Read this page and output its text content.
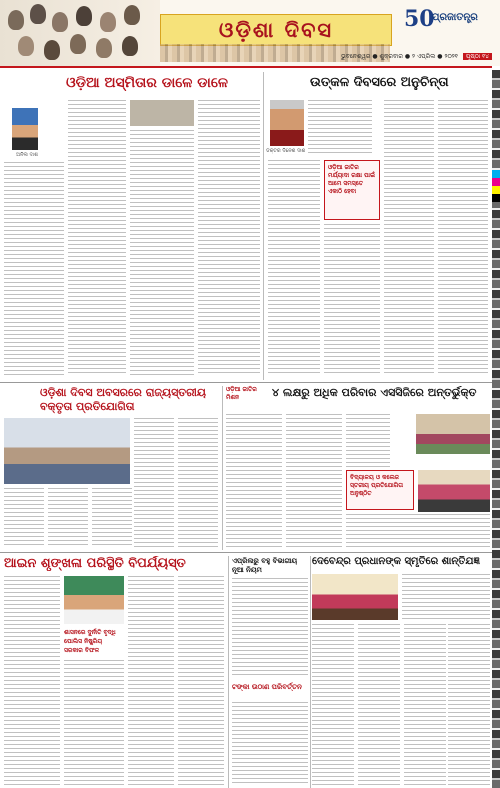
ଓଡ଼ିଶା ଦିବସ	50
ପ୍ରଜାତନ୍ତ୍ର
ଭୁବନେଶ୍ୱର ● ଶୁକ୍ରବାର ● ୨ ଏପ୍ରିଲ ● ୨୦୨୧ ପୃଷ୍ଠା ୧୪
ଓଡ଼ିଆ ଅସ୍ମିତାର ଡାଳେ ଡାଳେ
ଅନିଲ ଦାଶ
ଉତ୍କଳ ଦିବସରେ ଅନୁଚିନ୍ତା
ଡକ୍ଟର ଦିନେଶ ଦାଶ
ଓଡ଼ିଆ ଜାତିର ମର୍ଯ୍ୟାଦା ରକ୍ଷା ପାଇଁ ଆମେ ସମସ୍ତେ ଏକାଠି ହେବା
ଓଡ଼ିଶା ଦିବସ ଅବସରରେ ରାଜ୍ୟସ୍ତରୀୟ ବକ୍ତୃତା ପ୍ରତିଯୋଗିତା
ଓଡ଼ିଆ ଜାତିର ମିଶନ	୪ ଲକ୍ଷରୁ ଅଧିକ ପରିବାର ଏସସିଜିରେ ଅନ୍ତର୍ଭୁକ୍ତ
ବିଦ୍ୟାଳୟ ଓ କଲେଜ ସ୍ତରୀୟ ପ୍ରତିଯୋଗିତା ଅନୁଷ୍ଠିତ
ଆଇନ ଶୃଙ୍ଖଳା ପରିସ୍ଥିତି ବିପର୍ଯ୍ୟସ୍ତ
ଶାସନରେ ଦୁର୍ନୀତି ବୃଦ୍ଧି
ପୋଲିସ ନିଷ୍କ୍ରିୟ
ସରକାର ବିଫଳ
ଏପ୍ରିଲରୁ ବହୁ ବିଭାଗୀୟ ନୂଆ ନିୟମ
ଟଙ୍କା ଉଠାଣ ପରିବର୍ତ୍ତନ
ଦେବେନ୍ଦ୍ର ପ୍ରଧାନଙ୍କ ସ୍ମୃତିରେ ଶାନ୍ତିଯଜ୍ଞ
